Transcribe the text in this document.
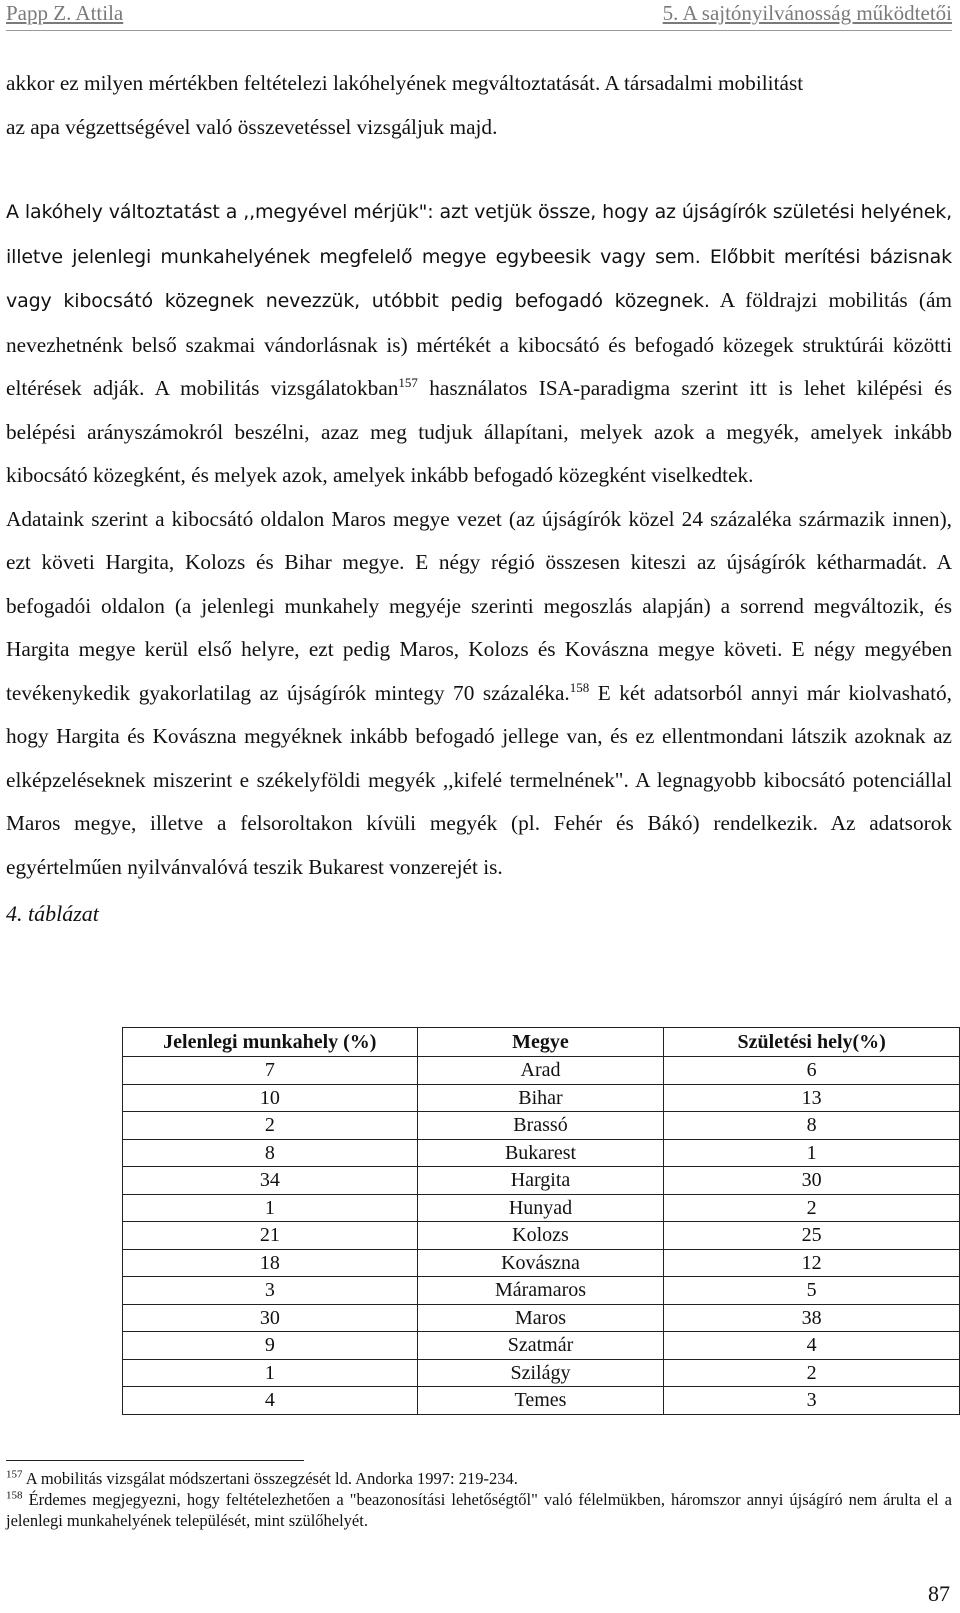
Papp Z. Attila	5. A sajtónyilvánosság működtetői

akkor ez milyen mértékben feltételezi lakóhelyének megváltoztatását. A társadalmi mobilitást
az apa végzettségével való összevetéssel vizsgáljuk majd.

A lakóhely változtatást a ,,megyével mérjük": azt vetjük össze, hogy az újságírók születési helyének, illetve jelenlegi munkahelyének megfelelő megye egybeesik vagy sem. Előbbit merítési bázisnak vagy kibocsátó közegnek nevezzük, utóbbit pedig befogadó közegnek. A földrajzi mobilitás (ám nevezhetnénk belső szakmai vándorlásnak is) mértékét a kibocsátó és befogadó közegek struktúrái közötti eltérések adják. A mobilitás vizsgálatokban$^{157}$ használatos ISA-paradigma szerint itt is lehet kilépési és belépési arányszámokról beszélni, azaz meg tudjuk állapítani, melyek azok a megyék, amelyek inkább kibocsátó közegként, és melyek azok, amelyek inkább befogadó közegként viselkedtek.

Adataink szerint a kibocsátó oldalon Maros megye vezet (az újságírók közel 24 százaléka származik innen), ezt követi Hargita, Kolozs és Bihar megye. E négy régió összesen kiteszi az újságírók kétharmadát. A befogadói oldalon (a jelenlegi munkahely megyéje szerinti megoszlás alapján) a sorrend megváltozik, és Hargita megye kerül első helyre, ezt pedig Maros, Kolozs és Kovászna megye követi. E négy megyében tevékenykedik gyakorlatilag az újságírók mintegy 70 százaléka.$^{158}$ E két adatsorból annyi már kiolvasható, hogy Hargita és Kovászna megyéknek inkább befogadó jellege van, és ez ellentmondani látszik azoknak az elképzeléseknek miszerint e székelyföldi megyék ,,kifelé termelnének". A legnagyobb kibocsátó potenciállal Maros megye, illetve a felsoroltakon kívüli megyék (pl. Fehér és Bákó) rendelkezik. Az adatsorok egyértelműen nyilvánvalóvá teszik Bukarest vonzerejét is.

4. táblázat

Jelenlegi munkahely (%)	Megye	Születési hely(%)
7	Arad	6
10	Bihar	13
2	Brassó	8
8	Bukarest	1
34	Hargita	30
1	Hunyad	2
21	Kolozs	25
18	Kovászna	12
3	Máramaros	5
30	Maros	38
9	Szatmár	4
1	Szilágy	2
4	Temes	3

$^{157}$ A mobilitás vizsgálat módszertani összegzését ld. Andorka 1997: 219-234.

$^{158}$ Érdemes megjegyezni, hogy feltételezhetően a "beazonosítási lehetőségtől" való félelmükben, háromszor annyi újságíró nem árulta el a jelenlegi munkahelyének települését, mint szülőhelyét.

87
